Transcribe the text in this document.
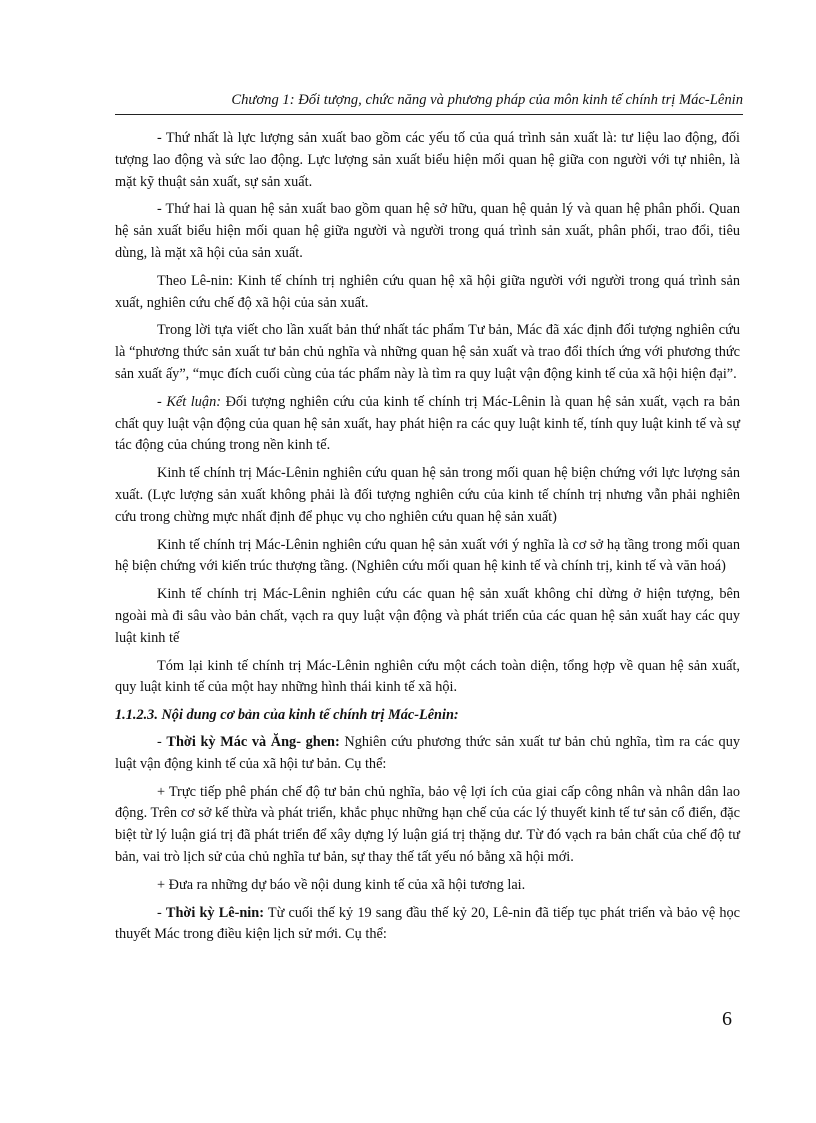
Chương 1: Đối tượng, chức năng và phương pháp của môn kinh tế chính trị Mác-Lênin

- Thứ nhất là lực lượng sản xuất bao gồm các yếu tố của quá trình sản xuất là: tư liệu lao động, đối tượng lao động và sức lao động. Lực lượng sản xuất biểu hiện mối quan hệ giữa con người với tự nhiên, là mặt kỹ thuật sản xuất, sự sản xuất.

- Thứ hai là quan hệ sản xuất bao gồm quan hệ sở hữu, quan hệ quản lý và quan hệ phân phối. Quan hệ sản xuất biểu hiện mối quan hệ giữa người và người trong quá trình sản xuất, phân phối, trao đổi, tiêu dùng, là mặt xã hội của sản xuất.

Theo Lê-nin: Kinh tế chính trị nghiên cứu quan hệ xã hội giữa người với người trong quá trình sản xuất, nghiên cứu chế độ xã hội của sản xuất.

Trong lời tựa viết cho lần xuất bản thứ nhất tác phẩm Tư bản, Mác đã xác định đối tượng nghiên cứu là “phương thức sản xuất tư bản chủ nghĩa và những quan hệ sản xuất và trao đổi thích ứng với phương thức sản xuất ấy”, “mục đích cuối cùng của tác phẩm này là tìm ra quy luật vận động kinh tế của xã hội hiện đại”.

- Kết luận: Đối tượng nghiên cứu của kinh tế chính trị Mác-Lênin là quan hệ sản xuất, vạch ra bản chất quy luật vận động của quan hệ sản xuất, hay phát hiện ra các quy luật kinh tế, tính quy luật kinh tế và sự tác động của chúng trong nền kinh tế.

Kinh tế chính trị Mác-Lênin nghiên cứu quan hệ sản trong mối quan hệ biện chứng với lực lượng sản xuất. (Lực lượng sản xuất không phải là đối tượng nghiên cứu của kinh tế chính trị nhưng vẫn phải nghiên cứu trong chừng mực nhất định để phục vụ cho nghiên cứu quan hệ sản xuất)

Kinh tế chính trị Mác-Lênin nghiên cứu quan hệ sản xuất với ý nghĩa là cơ sở hạ tầng trong mối quan hệ biện chứng với kiến trúc thượng tầng. (Nghiên cứu mối quan hệ kinh tế và chính trị, kinh tế và văn hoá)

Kinh tế chính trị Mác-Lênin nghiên cứu các quan hệ sản xuất không chỉ dừng ở hiện tượng, bên ngoài mà đi sâu vào bản chất, vạch ra quy luật vận động và phát triển của các quan hệ sản xuất hay các quy luật kinh tế

Tóm lại kinh tế chính trị Mác-Lênin nghiên cứu một cách toàn diện, tổng hợp về quan hệ sản xuất, quy luật kinh tế của một hay những hình thái kinh tế xã hội.

1.1.2.3. Nội dung cơ bản của kinh tế chính trị Mác-Lênin:

- Thời kỳ Mác và Ăng- ghen: Nghiên cứu phương thức sản xuất tư bản chủ nghĩa, tìm ra các quy luật vận động kinh tế của xã hội tư bản. Cụ thể:

+ Trực tiếp phê phán chế độ tư bản chủ nghĩa, bảo vệ lợi ích của giai cấp công nhân và nhân dân lao động. Trên cơ sở kế thừa và phát triển, khắc phục những hạn chế của các lý thuyết kinh tế tư sản cổ điển, đặc biệt từ lý luận giá trị đã phát triển để xây dựng lý luận giá trị thặng dư. Từ đó vạch ra bản chất của chế độ tư bản, vai trò lịch sử của chủ nghĩa tư bản, sự thay thế tất yếu nó bằng xã hội mới.

+ Đưa ra những dự báo về nội dung kinh tế của xã hội tương lai.

- Thời kỳ Lê-nin: Từ cuối thế kỷ 19 sang đầu thế kỷ 20, Lê-nin đã tiếp tục phát triển và bảo vệ học thuyết Mác trong điều kiện lịch sử mới. Cụ thể:

6
